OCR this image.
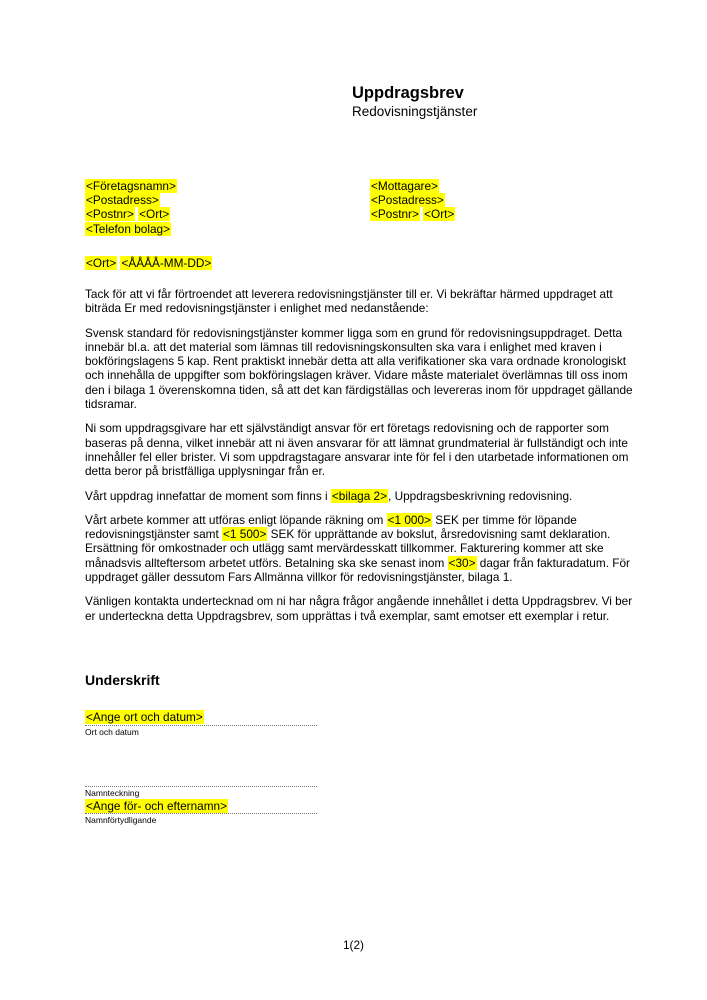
Uppdragsbrev
Redovisningstjänster
<Företagsnamn>
<Postadress>
<Postnr> <Ort>
<Telefon bolag>
<Mottagare>
<Postadress>
<Postnr> <Ort>
<Ort> <ÅÅÅÅ-MM-DD>

Tack för att vi får förtroendet att leverera redovisningstjänster till er. Vi bekräftar härmed uppdraget att biträda Er med redovisningstjänster i enlighet med nedanstående:

Svensk standard för redovisningstjänster kommer ligga som en grund för redovisningsuppdraget. Detta innebär bl.a. att det material som lämnas till redovisningskonsulten ska vara i enlighet med kraven i bokföringslagens 5 kap. Rent praktiskt innebär detta att alla verifikationer ska vara ordnade kronologiskt och innehålla de uppgifter som bokföringslagen kräver. Vidare måste materialet överlämnas till oss inom den i bilaga 1 överenskomna tiden, så att det kan färdigställas och levereras inom för uppdraget gällande tidsramar.

Ni som uppdragsgivare har ett självständigt ansvar för ert företags redovisning och de rapporter som baseras på denna, vilket innebär att ni även ansvarar för att lämnat grundmaterial är fullständigt och inte innehåller fel eller brister. Vi som uppdragstagare ansvarar inte för fel i den utarbetade informationen om detta beror på bristfälliga upplysningar från er.

Vårt uppdrag innefattar de moment som finns i <bilaga 2>, Uppdragsbeskrivning redovisning.

Vårt arbete kommer att utföras enligt löpande räkning om <1 000> SEK per timme för löpande redovisningstjänster samt <1 500> SEK för upprättande av bokslut, årsredovisning samt deklaration. Ersättning för omkostnader och utlägg samt mervärdesskatt tillkommer. Fakturering kommer att ske månadsvis allteftersom arbetet utförs. Betalning ska ske senast inom <30> dagar från fakturadatum. För uppdraget gäller dessutom Fars Allmänna villkor för redovisningstjänster, bilaga 1.

Vänligen kontakta undertecknad om ni har några frågor angående innehållet i detta Uppdragsbrev. Vi ber er underteckna detta Uppdragsbrev, som upprättas i två exemplar, samt emotser ett exemplar i retur.

Underskrift
<Ange ort och datum>
Ort och datum
Namnteckning
<Ange för- och efternamn>
Namnförtydligande
1(2)
